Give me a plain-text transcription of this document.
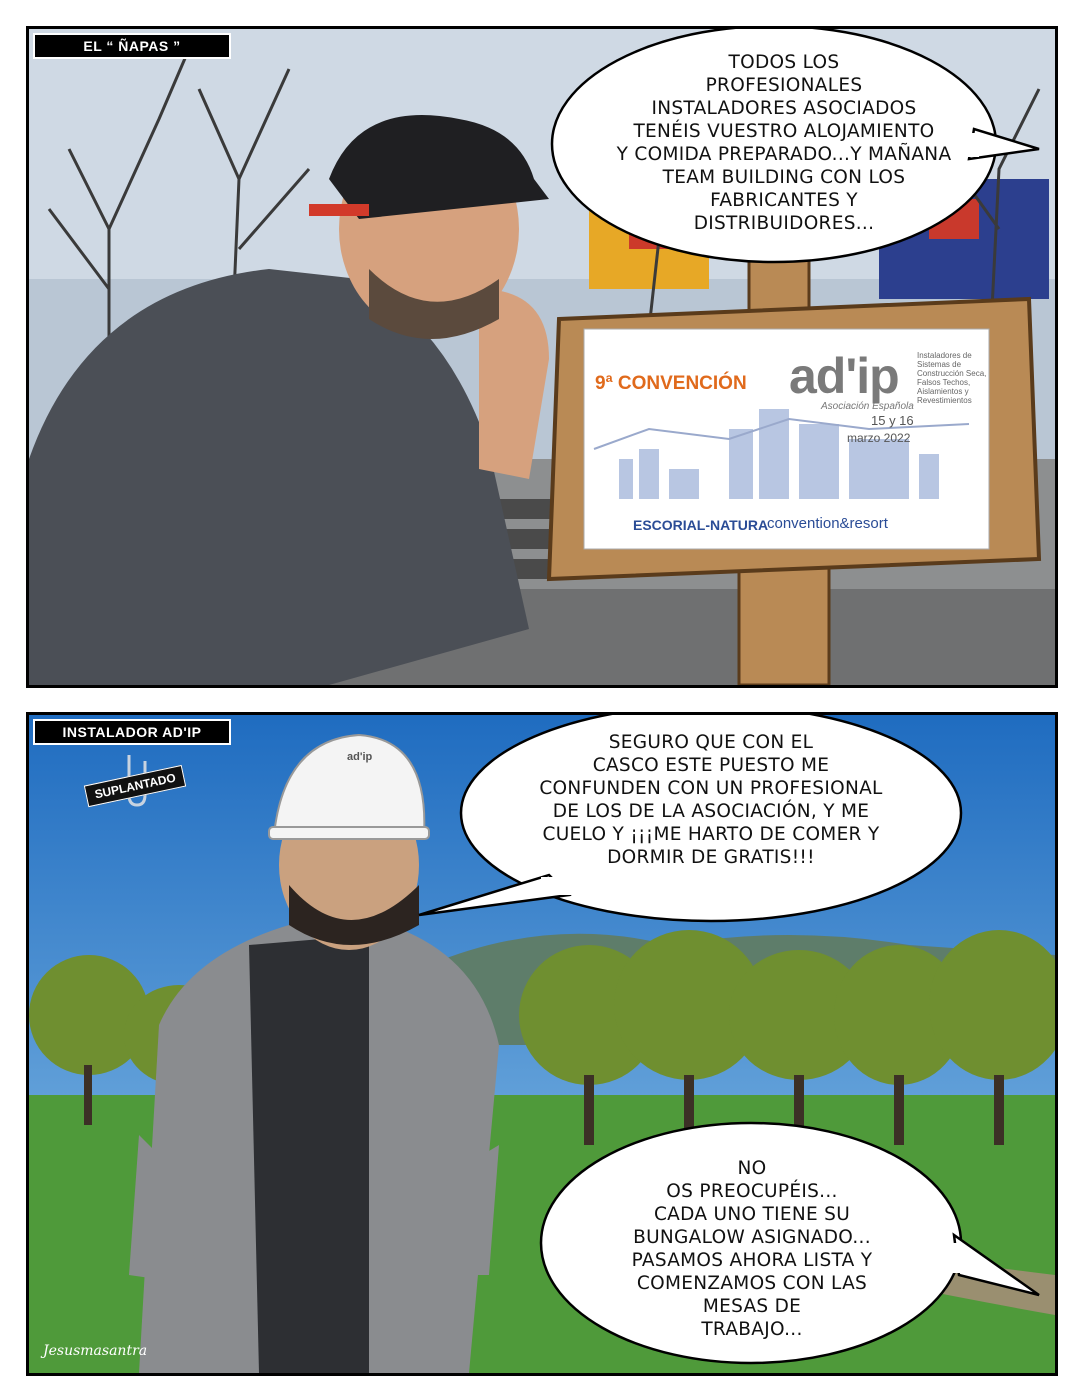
EL “ ÑAPAS ”
TODOS LOS
PROFESIONALES
INSTALADORES ASOCIADOS
TENÉIS VUESTRO ALOJAMIENTO
Y COMIDA PREPARADO...Y MAÑANA
TEAM BUILDING CON LOS
FABRICANTES Y
DISTRIBUIDORES...
9ª CONVENCIÓN ad'ip
Asociación Española
Instaladores de
Sistemas de
Construcción Seca,
Falsos Techos,
Aislamientos y
Revestimientos
15 y 16
marzo 2022
ESCORIAL-NATURA
convention&resort
INSTALADOR AD'IP
SUPLANTADO
ad'ip
SEGURO QUE CON EL
CASCO ESTE PUESTO ME
CONFUNDEN CON UN PROFESIONAL
DE LOS DE LA ASOCIACIÓN, Y ME
CUELO Y ¡¡¡ME HARTO DE COMER Y
DORMIR DE GRATIS!!!
NO
OS PREOCUPÉIS...
CADA UNO TIENE SU
BUNGALOW ASIGNADO...
PASAMOS AHORA LISTA Y
COMENZAMOS CON LAS
MESAS DE
TRABAJO...
Jesusmasantra
